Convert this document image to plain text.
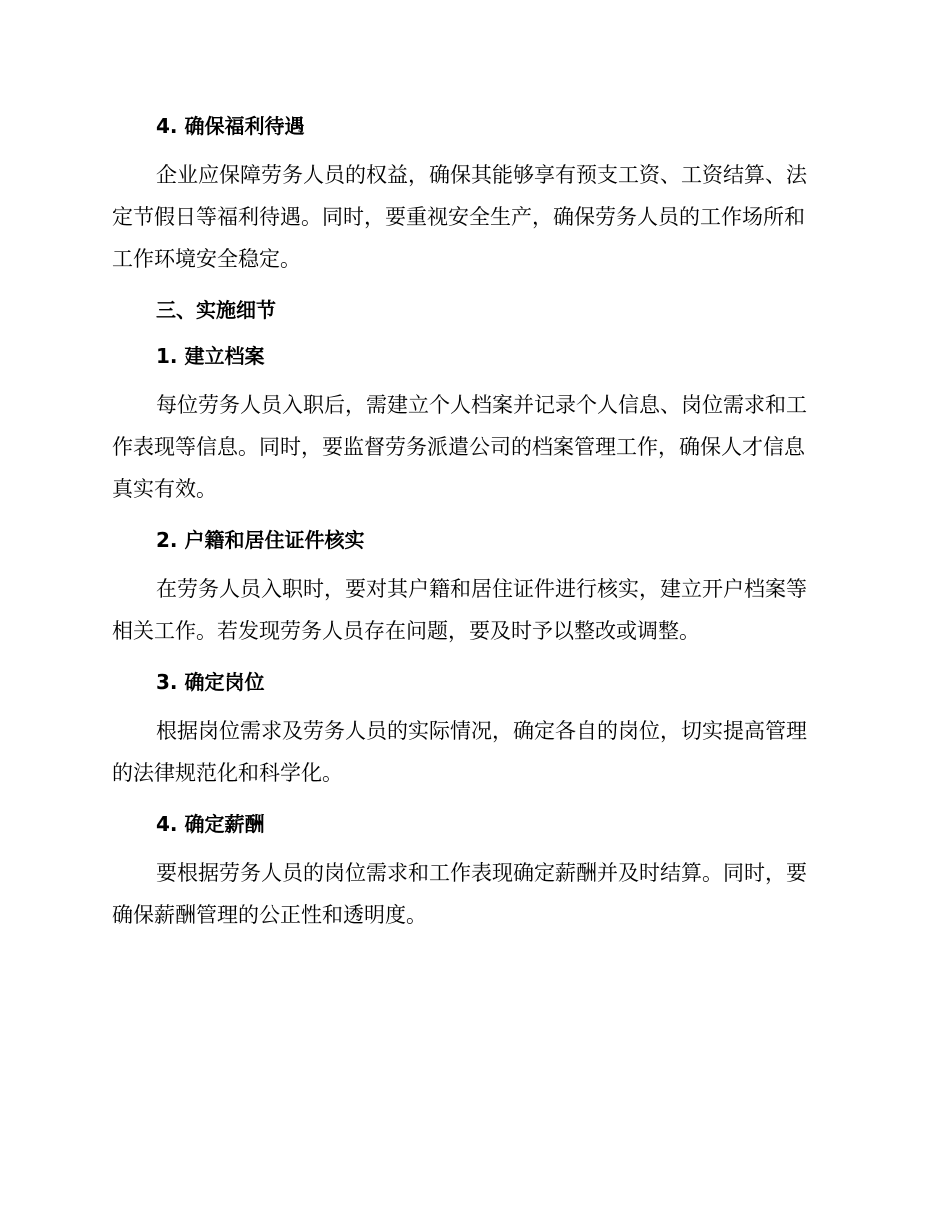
4. 确保福利待遇
企业应保障劳务人员的权益，确保其能够享有预支工资、工资结算、法
定节假日等福利待遇。同时，要重视安全生产，确保劳务人员的工作场所和
工作环境安全稳定。
三、实施细节
1. 建立档案
每位劳务人员入职后，需建立个人档案并记录个人信息、岗位需求和工
作表现等信息。同时，要监督劳务派遣公司的档案管理工作，确保人才信息
真实有效。
2. 户籍和居住证件核实
在劳务人员入职时，要对其户籍和居住证件进行核实，建立开户档案等
相关工作。若发现劳务人员存在问题，要及时予以整改或调整。
3. 确定岗位
根据岗位需求及劳务人员的实际情况，确定各自的岗位，切实提高管理
的法律规范化和科学化。
4. 确定薪酬
要根据劳务人员的岗位需求和工作表现确定薪酬并及时结算。同时，要
确保薪酬管理的公正性和透明度。
